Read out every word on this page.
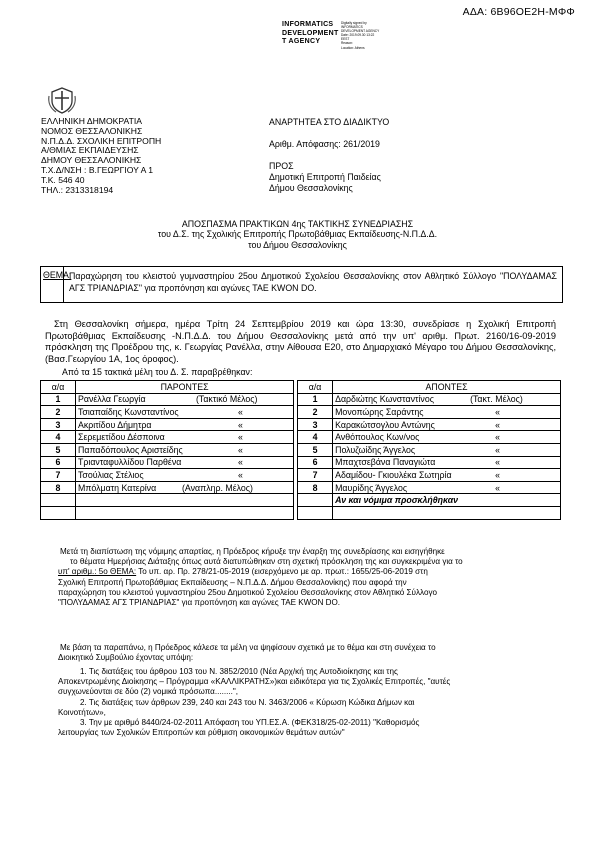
ΑΔΑ: 6Β96ΟΕ2Η-ΜΦΦ
INFORMATICS
DEVELOPMENT
T AGENCY
Digitally signed by
INFORMATICS
DEVELOPMENT AGENCY
Date: 2019.09.30 13:22
EEST
Reason:
Location: Athens
ΕΛΛΗΝΙΚΗ ΔΗΜΟΚΡΑΤΙΑ
ΝΟΜΟΣ ΘΕΣΣΑΛΟΝΙΚΗΣ
Ν.Π.Δ.Δ. ΣΧΟΛΙΚΗ ΕΠΙΤΡΟΠΗ
Α/ΘΜΙΑΣ ΕΚΠΑΙΔΕΥΣΗΣ
ΔΗΜΟΥ ΘΕΣΣΑΛΟΝΙΚΗΣ
Τ.Χ.Δ/ΝΣΗ : Β.ΓΕΩΡΓΙΟΥ Α 1
Τ.Κ. 546 40
ΤΗΛ.: 2313318194
ΑΝΑΡΤΗΤΕΑ ΣΤΟ ΔΙΑΔΙΚΤΥΟ
Αριθμ. Απόφασης: 261/2019
ΠΡΟΣ
Δημοτική Επιτροπή Παιδείας
Δήμου Θεσσαλονίκης
ΑΠΟΣΠΑΣΜΑ ΠΡΑΚΤΙΚΩΝ 4ης ΤΑΚΤΙΚΗΣ ΣΥΝΕΔΡΙΑΣΗΣ
του Δ.Σ. της Σχολικής Επιτροπής Πρωτοβάθμιας Εκπαίδευσης-Ν.Π.Δ.Δ.
του Δήμου Θεσσαλονίκης
ΘΕΜΑ:
Παραχώρηση του κλειστού γυμναστηρίου 25ου Δημοτικού Σχολείου Θεσσαλονίκης στον Αθλητικό Σύλλογο "ΠΟΛΥΔΑΜΑΣ ΑΓΣ ΤΡΙΑΝΔΡΙΑΣ" για προπόνηση και αγώνες TAE KWON DO.
Στη Θεσσαλονίκη σήμερα, ημέρα Τρίτη 24 Σεπτεμβρίου 2019 και ώρα 13:30, συνεδρίασε η Σχολική Επιτροπή Πρωτοβάθμιας Εκπαίδευσης -Ν.Π.Δ.Δ. του Δήμου Θεσσαλονίκης μετά από την υπ' αριθμ. Πρωτ. 2160/16-09-2019 πρόσκληση της Προέδρου της, κ. Γεωργίας Ρανέλλα, στην Αίθουσα Ε20, στο Δημαρχιακό Μέγαρο του Δήμου Θεσσαλονίκης, (Βασ.Γεωργίου 1Α, 1ος όροφος).
Από τα 15 τακτικά μέλη του Δ. Σ. παραβρέθηκαν:
α/α	ΠΑΡΟΝΤΕΣ		α/α	ΑΠΟΝΤΕΣ
1	Ρανέλλα Γεωργία (Τακτικό Μέλος)		1	Δαρδιώτης Κωνσταντίνος (Τακτ. Μέλος)
2	Τσιαπαίδης Κωνσταντίνος «		2	Μονοπώρης Σαράντης «
3	Ακριτίδου Δήμητρα «		3	Καρακώτσογλου Αντώνης «
4	Σερεμετίδου Δέσποινα «		4	Ανθόπουλος Κων/νος «
5	Παπαδόπουλος Αριστείδης «		5	Πολυζωίδης Άγγελος «
6	Τριανταφυλλίδου Παρθένα «		6	Μπαχτσεβάνα Παναγιώτα «
7	Τσούλιας Στέλιος «		7	Αδαμίδου- Γκιουλέκα Σωτηρία «
8	Μπόλματη Κατερίνα (Αναπληρ. Μέλος)		8	Μαυρίδης Άγγελος «
				Αν και νόμιμα προσκλήθηκαν

Μετά τη διαπίστωση της νόμιμης απαρτίας, η Πρόεδρος κήρυξε την έναρξη της συνεδρίασης και εισηγήθηκε
το θέματα Ημερήσιας Διάταξης όπως αυτά διατυπώθηκαν στη σχετική πρόσκληση της και συγκεκριμένα για το
υπ' αριθμ.: 5ο ΘΕΜΑ: Το υπ. αρ. Πρ. 278/21-05-2019 (εισερχόμενο με αρ. πρωτ.: 1655/25-06-2019 στη
Σχολική Επιτροπή Πρωτοβάθμιας Εκπαίδευσης – Ν.Π.Δ.Δ. Δήμου Θεσσαλονίκης) που αφορά την
παραχώρηση του κλειστού γυμναστηρίου 25ου Δημοτικού Σχολείου Θεσσαλονίκης στον Αθλητικό Σύλλογο
"ΠΟΛΥΔΑΜΑΣ ΑΓΣ ΤΡΙΑΝΔΡΙΑΣ" για προπόνηση και αγώνες TAE KWON DO.
Με βάση τα παραπάνω, η Πρόεδρος κάλεσε τα μέλη να ψηφίσουν σχετικά με το θέμα και στη συνέχεια το
Διοικητικό Συμβούλιο έχοντας υπόψη:
1. Τις διατάξεις του άρθρου 103 του Ν. 3852/2010 (Νέα Αρχ/κή της Αυτοδιοίκησης και της
Αποκεντρωμένης Διοίκησης – Πρόγραμμα «ΚΑΛΛΙΚΡΑΤΗΣ»)και ειδικότερα για τις Σχολικές Επιτροπές, "αυτές
συγχωνεύονται σε δύο (2) νομικά πρόσωπα........",
2. Τις διατάξεις των άρθρων 239, 240 και 243 του Ν. 3463/2006 « Κύρωση Κώδικα Δήμων και
Κοινοτήτων»,
3. Την με αριθμό 8440/24-02-2011 Απόφαση του ΥΠ.ΕΣ.Α. (ΦΕΚ318/25-02-2011) "Καθορισμός
λειτουργίας των Σχολικών Επιτροπών και ρύθμιση οικονομικών θεμάτων αυτών"
